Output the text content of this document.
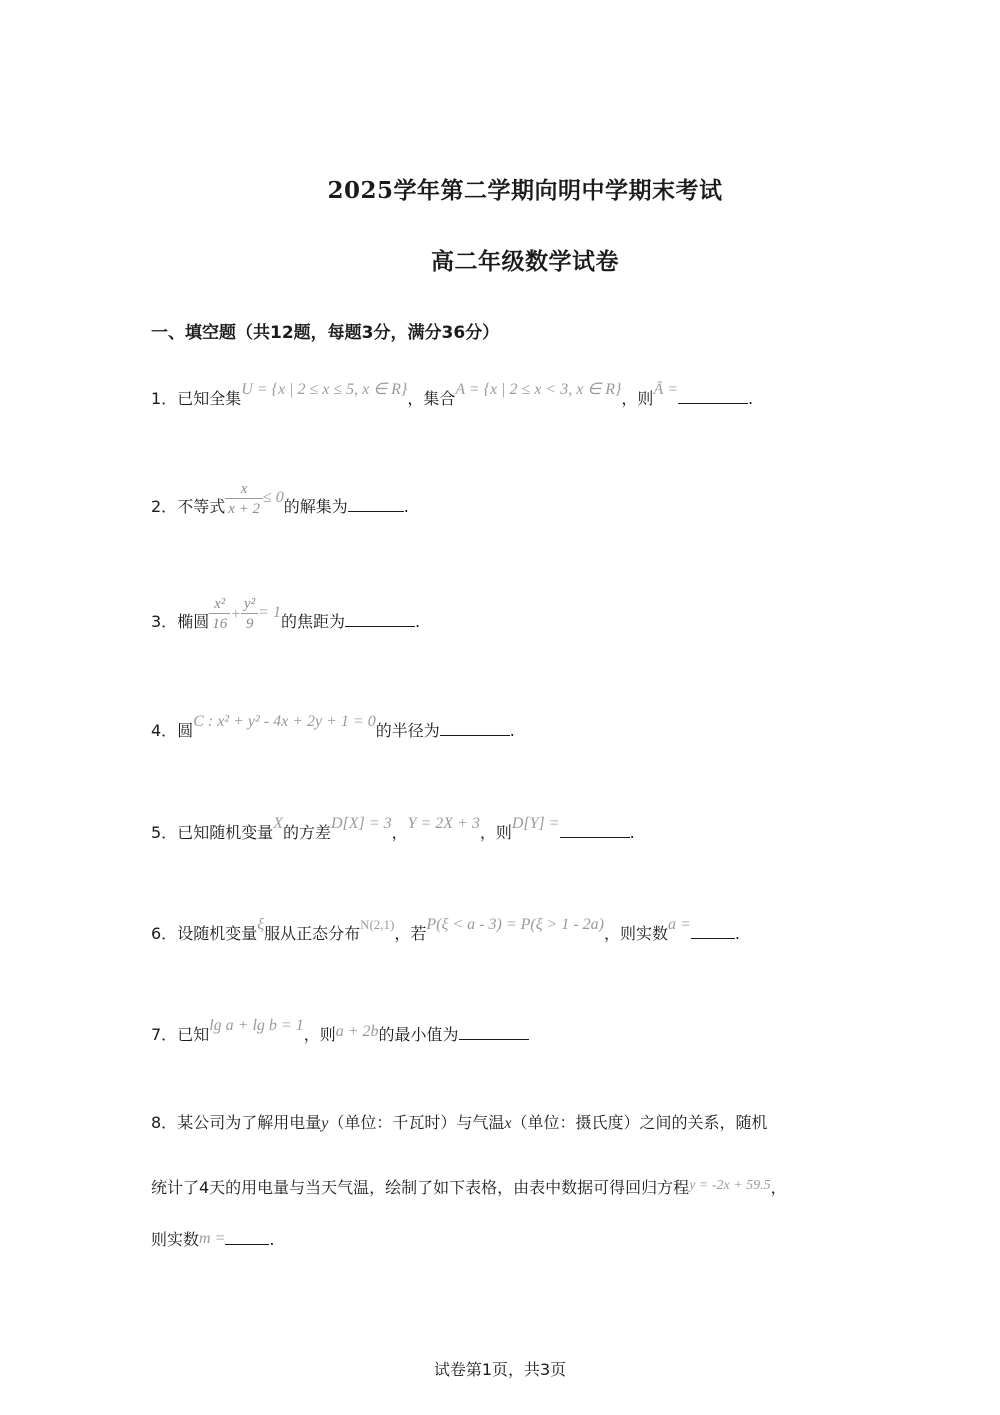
2025学年第二学期向明中学期末考试
高二年级数学试卷
一、填空题（共12题，每题3分，满分36分）
1．已知全集U = {x | 2 ≤ x ≤ 5, x ∈ R}，集合A = {x | 2 ≤ x < 3, x ∈ R}，则Ā =	.
2．不等式 $\frac{x}{x + 2} \le 0$的解集为	.
3．椭圆 $\frac{\text{x²}}{16} + \frac{\text{y²}}{9} = 1$的焦距为	.
4．圆C : x² + y² - 4x + 2y + 1 = 0的半径为	.
5．已知随机变量X的方差D[X] = 3，Y = 2X + 3，则D[Y] =	.
6．设随机变量ξ服从正态分布N(2,1)，若P(ξ < a - 3) = P(ξ > 1 - 2a)，则实数a =	.
7．已知lg a + lg b = 1，则a + 2b的最小值为
8．某公司为了解用电量y（单位：千瓦时）与气温x（单位：摄氏度）之间的关系，随机
统计了4天的用电量与当天气温，绘制了如下表格，由表中数据可得回归方程y = -2x + 59.5，
则实数m =	.
试卷第1页，共3页
